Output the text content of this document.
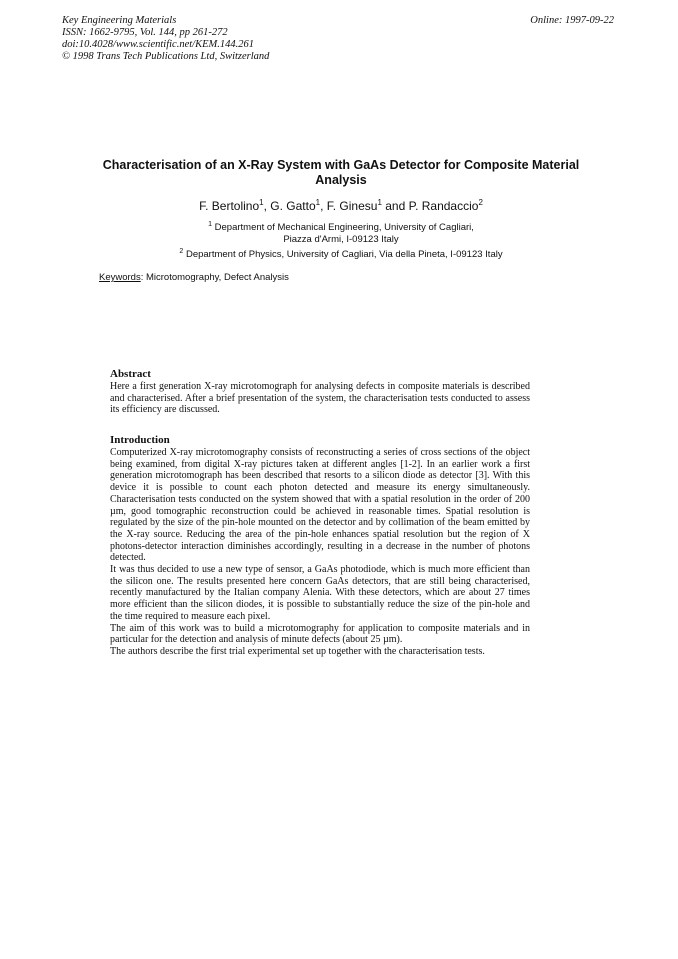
Key Engineering Materials
ISSN: 1662-9795, Vol. 144, pp 261-272
doi:10.4028/www.scientific.net/KEM.144.261
© 1998 Trans Tech Publications Ltd, Switzerland
Online: 1997-09-22
Characterisation of an X-Ray System with GaAs Detector for Composite Material Analysis
F. Bertolino$^1$, G. Gatto$^1$, F. Ginesu$^1$ and P. Randaccio$^2$
$^1$ Department of Mechanical Engineering, University of Cagliari,
Piazza d'Armi, I-09123 Italy
$^2$ Department of Physics, University of Cagliari, Via della Pineta, I-09123 Italy
Keywords: Microtomography, Defect Analysis
Abstract

Here a first generation X-ray microtomograph for analysing defects in composite materials is described and characterised. After a brief presentation of the system, the characterisation tests conducted to assess its efficiency are discussed.

Introduction

Computerized X-ray microtomography consists of reconstructing a series of cross sections of the object being examined, from digital X-ray pictures taken at different angles [1-2]. In an earlier work a first generation microtomograph has been described that resorts to a silicon diode as detector [3]. With this device it is possible to count each photon detected and measure its energy simultaneously. Characterisation tests conducted on the system showed that with a spatial resolution in the order of 200 µm, good tomographic reconstruction could be achieved in reasonable times. Spatial resolution is regulated by the size of the pin-hole mounted on the detector and by collimation of the beam emitted by the X-ray source. Reducing the area of the pin-hole enhances spatial resolution but the region of X photons-detector interaction diminishes accordingly, resulting in a decrease in the number of photons detected.

It was thus decided to use a new type of sensor, a GaAs photodiode, which is much more efficient than the silicon one. The results presented here concern GaAs detectors, that are still being characterised, recently manufactured by the Italian company Alenia. With these detectors, which are about 27 times more efficient than the silicon diodes, it is possible to substantially reduce the size of the pin-hole and the time required to measure each pixel.

The aim of this work was to build a microtomography for application to composite materials and in particular for the detection and analysis of minute defects (about 25 µm).

The authors describe the first trial experimental set up together with the characterisation tests.
